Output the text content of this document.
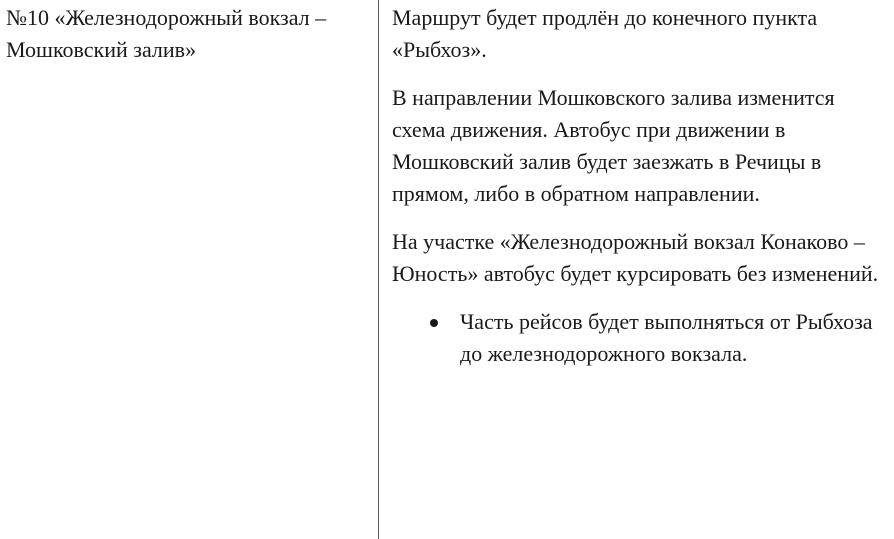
№10 «Железнодорожный вокзал – Мошковский залив»

Маршрут будет продлён до конечного пункта «Рыбхоз».

В направлении Мошковского залива изменится схема движения. Автобус при движении в Мошковский залив будет заезжать в Речицы в прямом, либо в обратном направлении.

На участке «Железнодорожный вокзал Конаково – Юность» автобус будет курсировать без изменений.

Часть рейсов будет выполняться от Рыбхоза до железнодорожного вокзала.
